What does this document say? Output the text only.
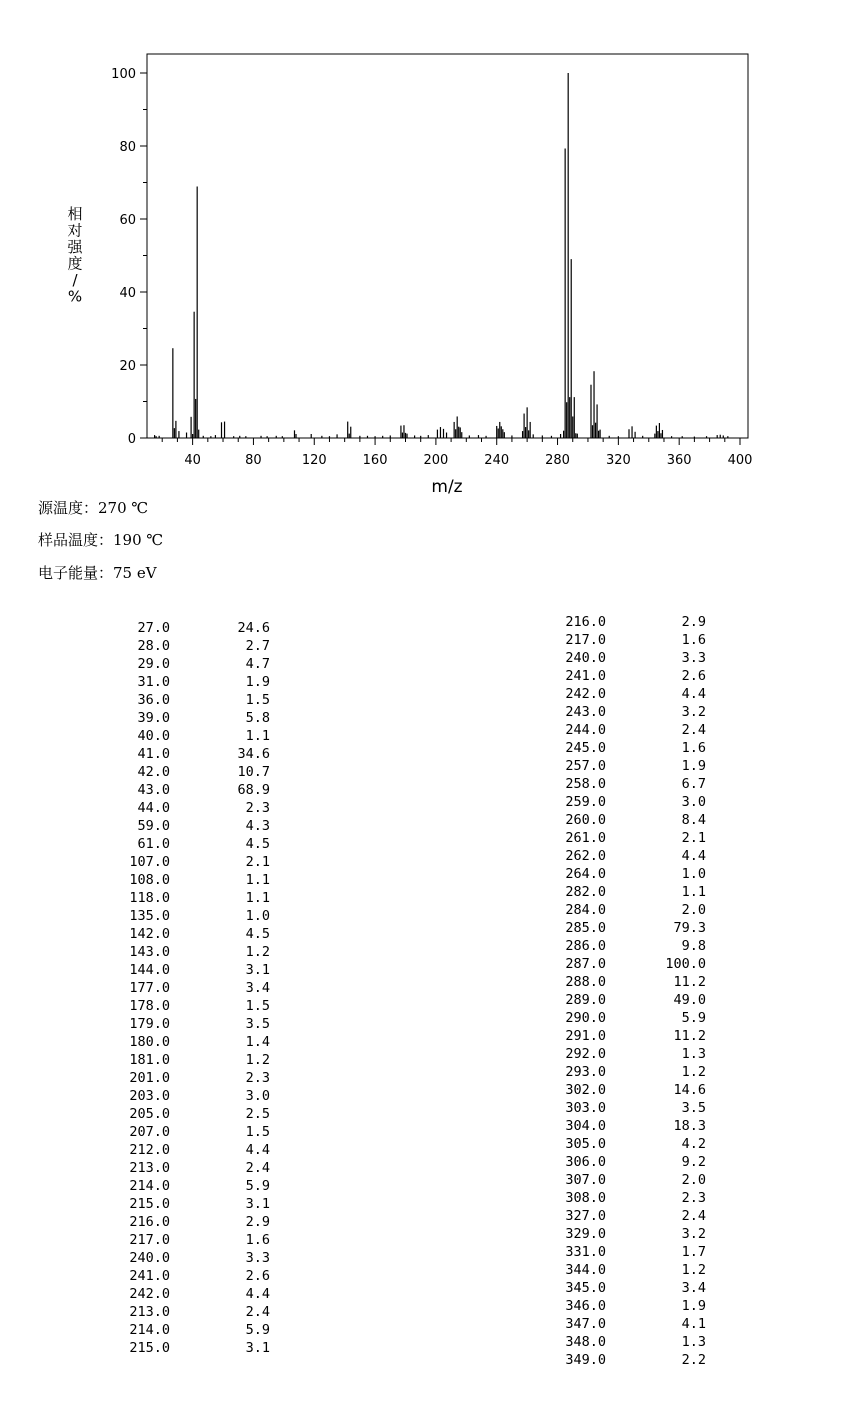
0
20
40
60
80
100
40	80	120	160	200	240	280	320	360	400
m/z
相对强度/ %
源温度：270 ℃
样品温度：190 ℃
电子能量：75 eV
27.0	24.6
28.0	2.7
29.0	4.7
31.0	1.9
36.0	1.5
39.0	5.8
40.0	1.1
41.0	34.6
42.0	10.7
43.0	68.9
44.0	2.3
59.0	4.3
61.0	4.5
107.0	2.1
108.0	1.1
118.0	1.1
135.0	1.0
142.0	4.5
143.0	1.2
144.0	3.1
177.0	3.4
178.0	1.5
179.0	3.5
180.0	1.4
181.0	1.2
201.0	2.3
203.0	3.0
205.0	2.5
207.0	1.5
212.0	4.4
213.0	2.4
214.0	5.9
215.0	3.1
216.0	2.9
217.0	1.6
240.0	3.3
241.0	2.6
242.0	4.4
213.0	2.4
214.0	5.9
215.0	3.1
216.0	2.9
217.0	1.6
240.0	3.3
241.0	2.6
242.0	4.4
243.0	3.2
244.0	2.4
245.0	1.6
257.0	1.9
258.0	6.7
259.0	3.0
260.0	8.4
261.0	2.1
262.0	4.4
264.0	1.0
282.0	1.1
284.0	2.0
285.0	79.3
286.0	9.8
287.0	100.0
288.0	11.2
289.0	49.0
290.0	5.9
291.0	11.2
292.0	1.3
293.0	1.2
302.0	14.6
303.0	3.5
304.0	18.3
305.0	4.2
306.0	9.2
307.0	2.0
308.0	2.3
327.0	2.4
329.0	3.2
331.0	1.7
344.0	1.2
345.0	3.4
346.0	1.9
347.0	4.1
348.0	1.3
349.0	2.2
